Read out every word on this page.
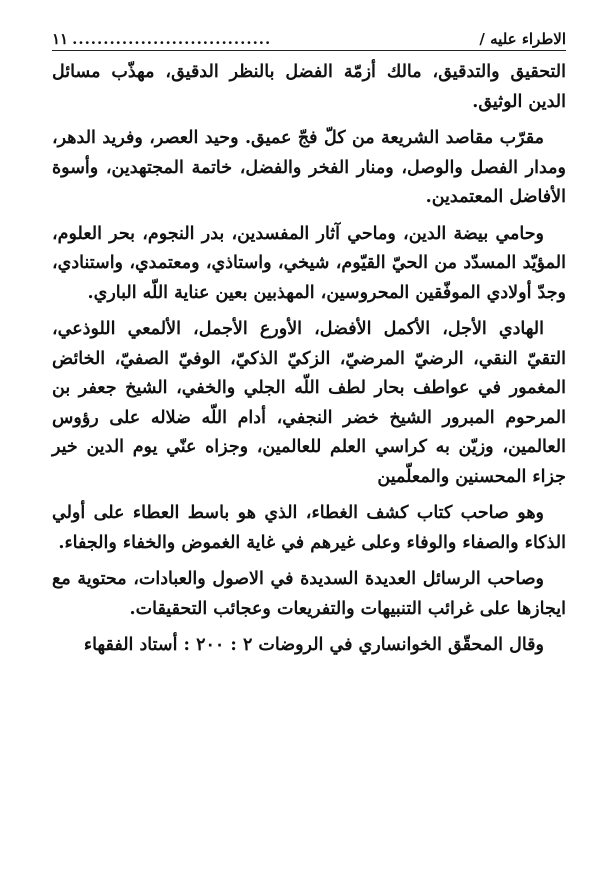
الاطراء عليه /
................................
١١

التحقيق والتدقيق، مالك أزمّة الفضل بالنظر الدقيق، مهذّب مسائل الدين الوثيق.

مقرّب مقاصد الشريعة من كلّ فجّ عميق. وحيد العصر، وفريد الدهر، ومدار الفصل والوصل، ومنار الفخر والفضل، خاتمة المجتهدين، وأسوة الأفاضل المعتمدين.

وحامي بيضة الدين، وماحي آثار المفسدين، بدر النجوم، بحر العلوم، المؤيّد المسدّد من الحيّ القيّوم، شيخي، واستاذي، ومعتمدي، واستنادي، وجدّ أولادي الموفّقين المحروسين، المهذبين بعين عناية اللّه الباري.

الهادي الأجل، الأكمل الأفضل، الأورع الأجمل، الألمعي اللوذعي، التقيّ النقي، الرضيّ المرضيّ، الزكيّ الذكيّ، الوفيّ الصفيّ، الخائض المغمور في عواطف بحار لطف اللّه الجلي والخفي، الشيخ جعفر بن المرحوم المبرور الشيخ خضر النجفي، أدام اللّه ضلاله على رؤوس العالمين، وزيّن به كراسي العلم للعالمين، وجزاه عنّي يوم الدين خير جزاء المحسنين والمعلّمين

وهو صاحب كتاب كشف الغطاء، الذي هو باسط العطاء على أولي الذكاء والصفاء والوفاء وعلى غيرهم في غاية الغموض والخفاء والجفاء.

وصاحب الرسائل العديدة السديدة في الاصول والعبادات، محتوية مع ايجازها على غرائب التنبيهات والتفريعات وعجائب التحقيقات.

وقال المحقّق الخوانساري في الروضات ٢ : ٢٠٠ : أستاد الفقهاء
